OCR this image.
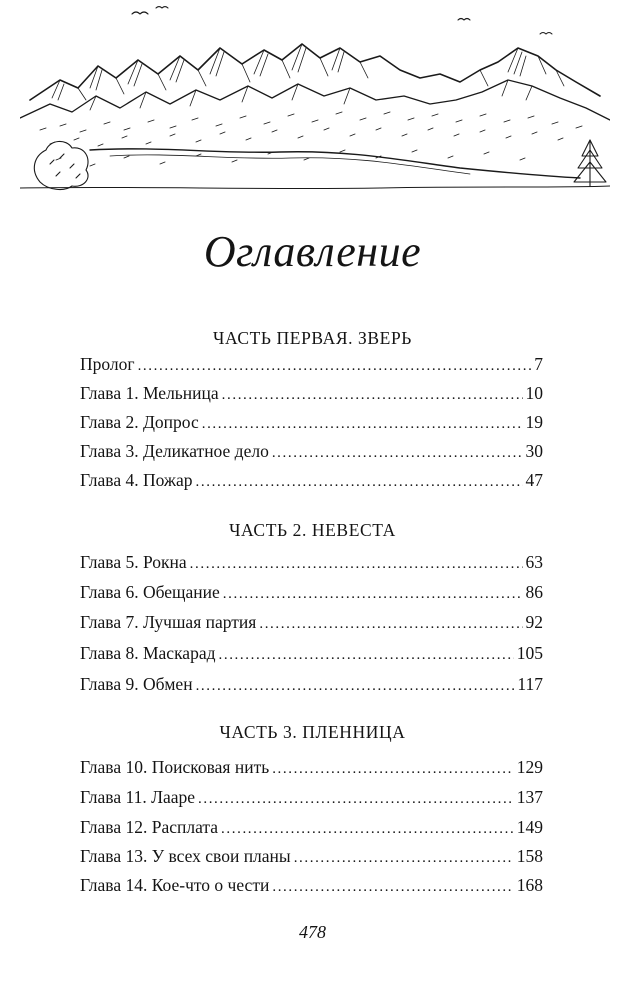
Оглавление
ЧАСТЬ ПЕРВАЯ. ЗВЕРЬ
Пролог .....	7
Глава 1. Мельница .....	10
Глава 2. Допрос .....	19
Глава 3. Деликатное дело .....	30
Глава 4. Пожар .....	47
ЧАСТЬ 2. НЕВЕСТА
Глава 5. Рокна .....	63
Глава 6. Обещание .....	86
Глава 7. Лучшая партия .....	92
Глава 8. Маскарад .....	105
Глава 9. Обмен .....	117
ЧАСТЬ 3. ПЛЕННИЦА
Глава 10. Поисковая нить .....	129
Глава 11. Лааре .....	137
Глава 12. Расплата .....	149
Глава 13. У всех свои планы .....	158
Глава 14. Кое-что о чести .....	168
478
